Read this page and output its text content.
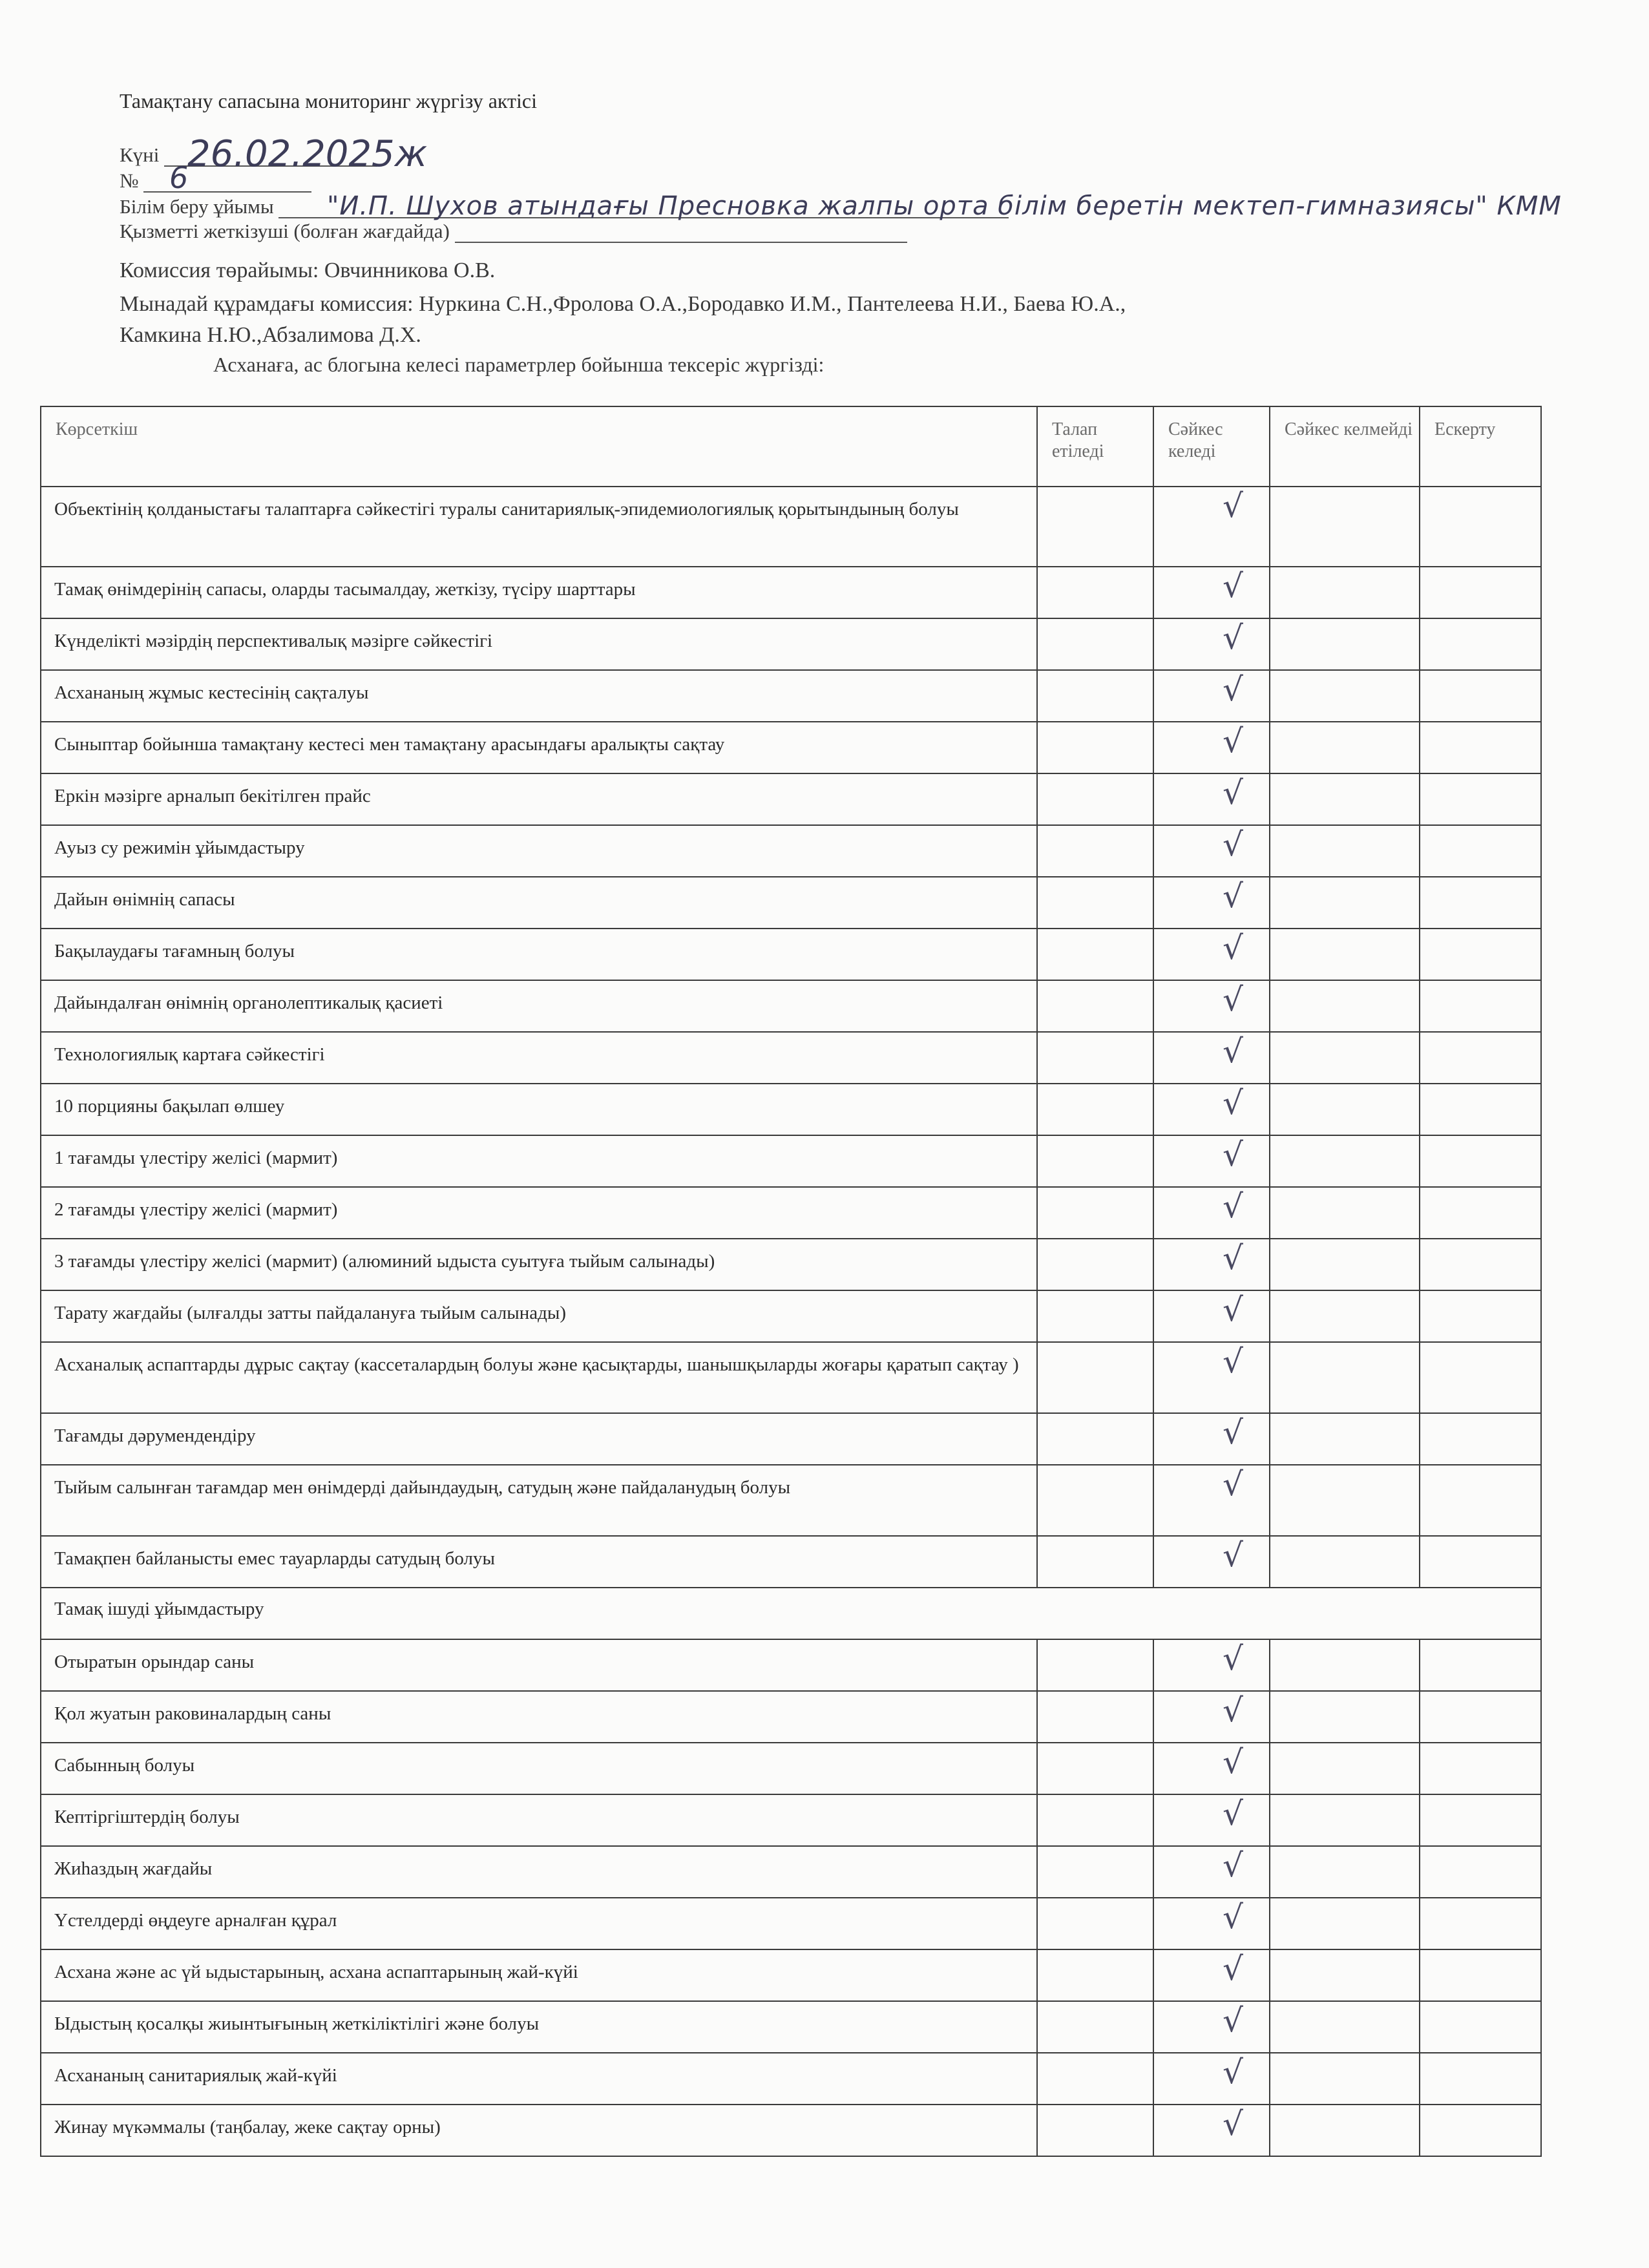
Тамақтану сапасына мониторинг жүргізу актісі
Күні 26.02.2025ж
№	6
Білім беру ұйымы	"И.П. Шухов атындағы Пресновка жалпы орта білім беретін мектеп-гимназиясы" КММ
Қызметті жеткізуші (болған жағдайда)
Комиссия төрайымы: Овчинникова О.В.
Мынадай құрамдағы комиссия: Нуркина С.Н.,Фролова О.А.,Бородавко И.М., Пантелеева Н.И., Баева Ю.А.,
Камкина Н.Ю.,Абзалимова Д.Х.
Асханаға, ас блогына келесі параметрлер бойынша тексеріс жүргізді:
Көрсеткіш	Талап етіледі	Сәйкес келеді	Сәйкес келмейді	Ескерту

Объектінің қолданыстағы талаптарға сәйкестігі туралы санитариялық-эпидемиологиялық қорытындының болуы		√		

Тамақ өнімдерінің сапасы, оларды тасымалдау, жеткізу, түсіру шарттары		√		

Күнделікті мәзірдің перспективалық мәзірге сәйкестігі		√		

Асхананың жұмыс кестесінің сақталуы		√		

Сыныптар бойынша тамақтану кестесі мен тамақтану арасындағы аралықты сақтау		√		

Еркін мәзірге арналып бекітілген прайс		√		

Ауыз су режимін ұйымдастыру		√		

Дайын өнімнің сапасы		√		

Бақылаудағы тағамның болуы		√		

Дайындалған өнімнің органолептикалық қасиеті		√		

Технологиялық картаға сәйкестігі		√		

10 порцияны бақылап өлшеу		√		

1 тағамды үлестіру желісі (мармит)		√		

2 тағамды үлестіру желісі (мармит)		√		

3 тағамды үлестіру желісі (мармит) (алюминий ыдыста суытуға тыйым салынады)		√		

Тарату жағдайы (ылғалды затты пайдалануға тыйым салынады)		√		

Асханалық аспаптарды дұрыс сақтау (кассеталардың болуы және қасықтарды, шанышқыларды жоғары қаратып сақтау )		√		

Тағамды дәрумендендіру		√		

Тыйым салынған тағамдар мен өнімдерді дайындаудың, сатудың және пайдаланудың болуы		√		

Тамақпен байланысты емес тауарларды сатудың болуы		√		

Тамақ ішуді ұйымдастыру				

Отыратын орындар саны		√		

Қол жуатын раковиналардың саны		√		

Сабынның болуы		√		

Кептіргіштердің болуы		√		

Жиһаздың жағдайы		√		

Үстелдерді өңдеуге арналған құрал		√		

Асхана және ас үй ыдыстарының, асхана аспаптарының жай-күйі		√		

Ыдыстың қосалқы жиынтығының жеткіліктілігі және болуы		√		

Асхананың санитариялық жай-күйі		√		

Жинау мүкәммалы (таңбалау, жеке сақтау орны)		√		
